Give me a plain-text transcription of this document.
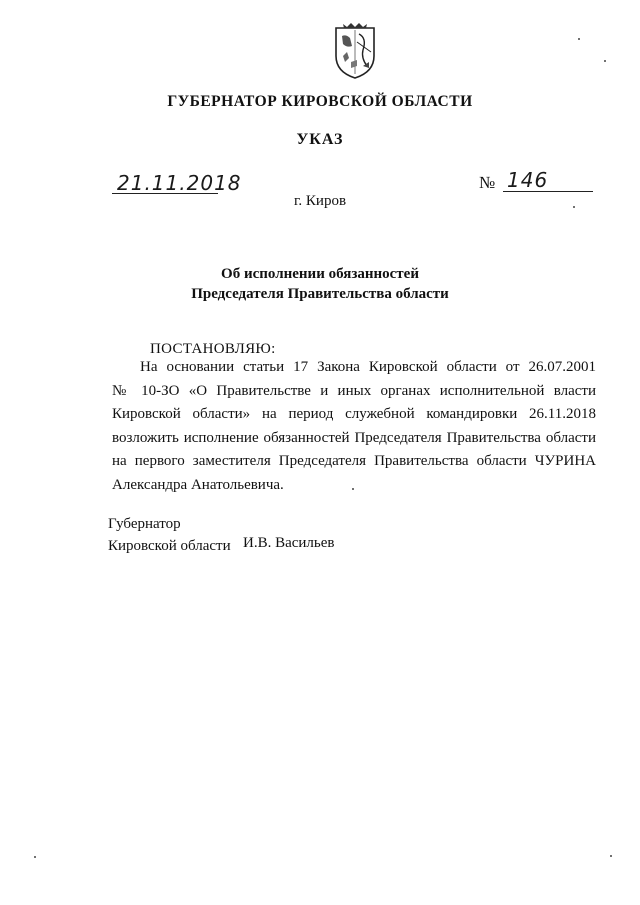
ГУБЕРНАТОР КИРОВСКОЙ ОБЛАСТИ
УКАЗ
21.11.2018	№ 146
г. Киров
Об исполнении обязанностей
Председателя Правительства области
ПОСТАНОВЛЯЮ:
На основании статьи 17 Закона Кировской области от 26.07.2001
№ 10-ЗО «О Правительстве и иных органах исполнительной власти
Кировской области» на период служебной командировки 26.11.2018
возложить исполнение обязанностей Председателя Правительства области
на первого заместителя Председателя Правительства области ЧУРИНА
Александра Анатольевича.
Губернатор
Кировской области И.В. Васильев
